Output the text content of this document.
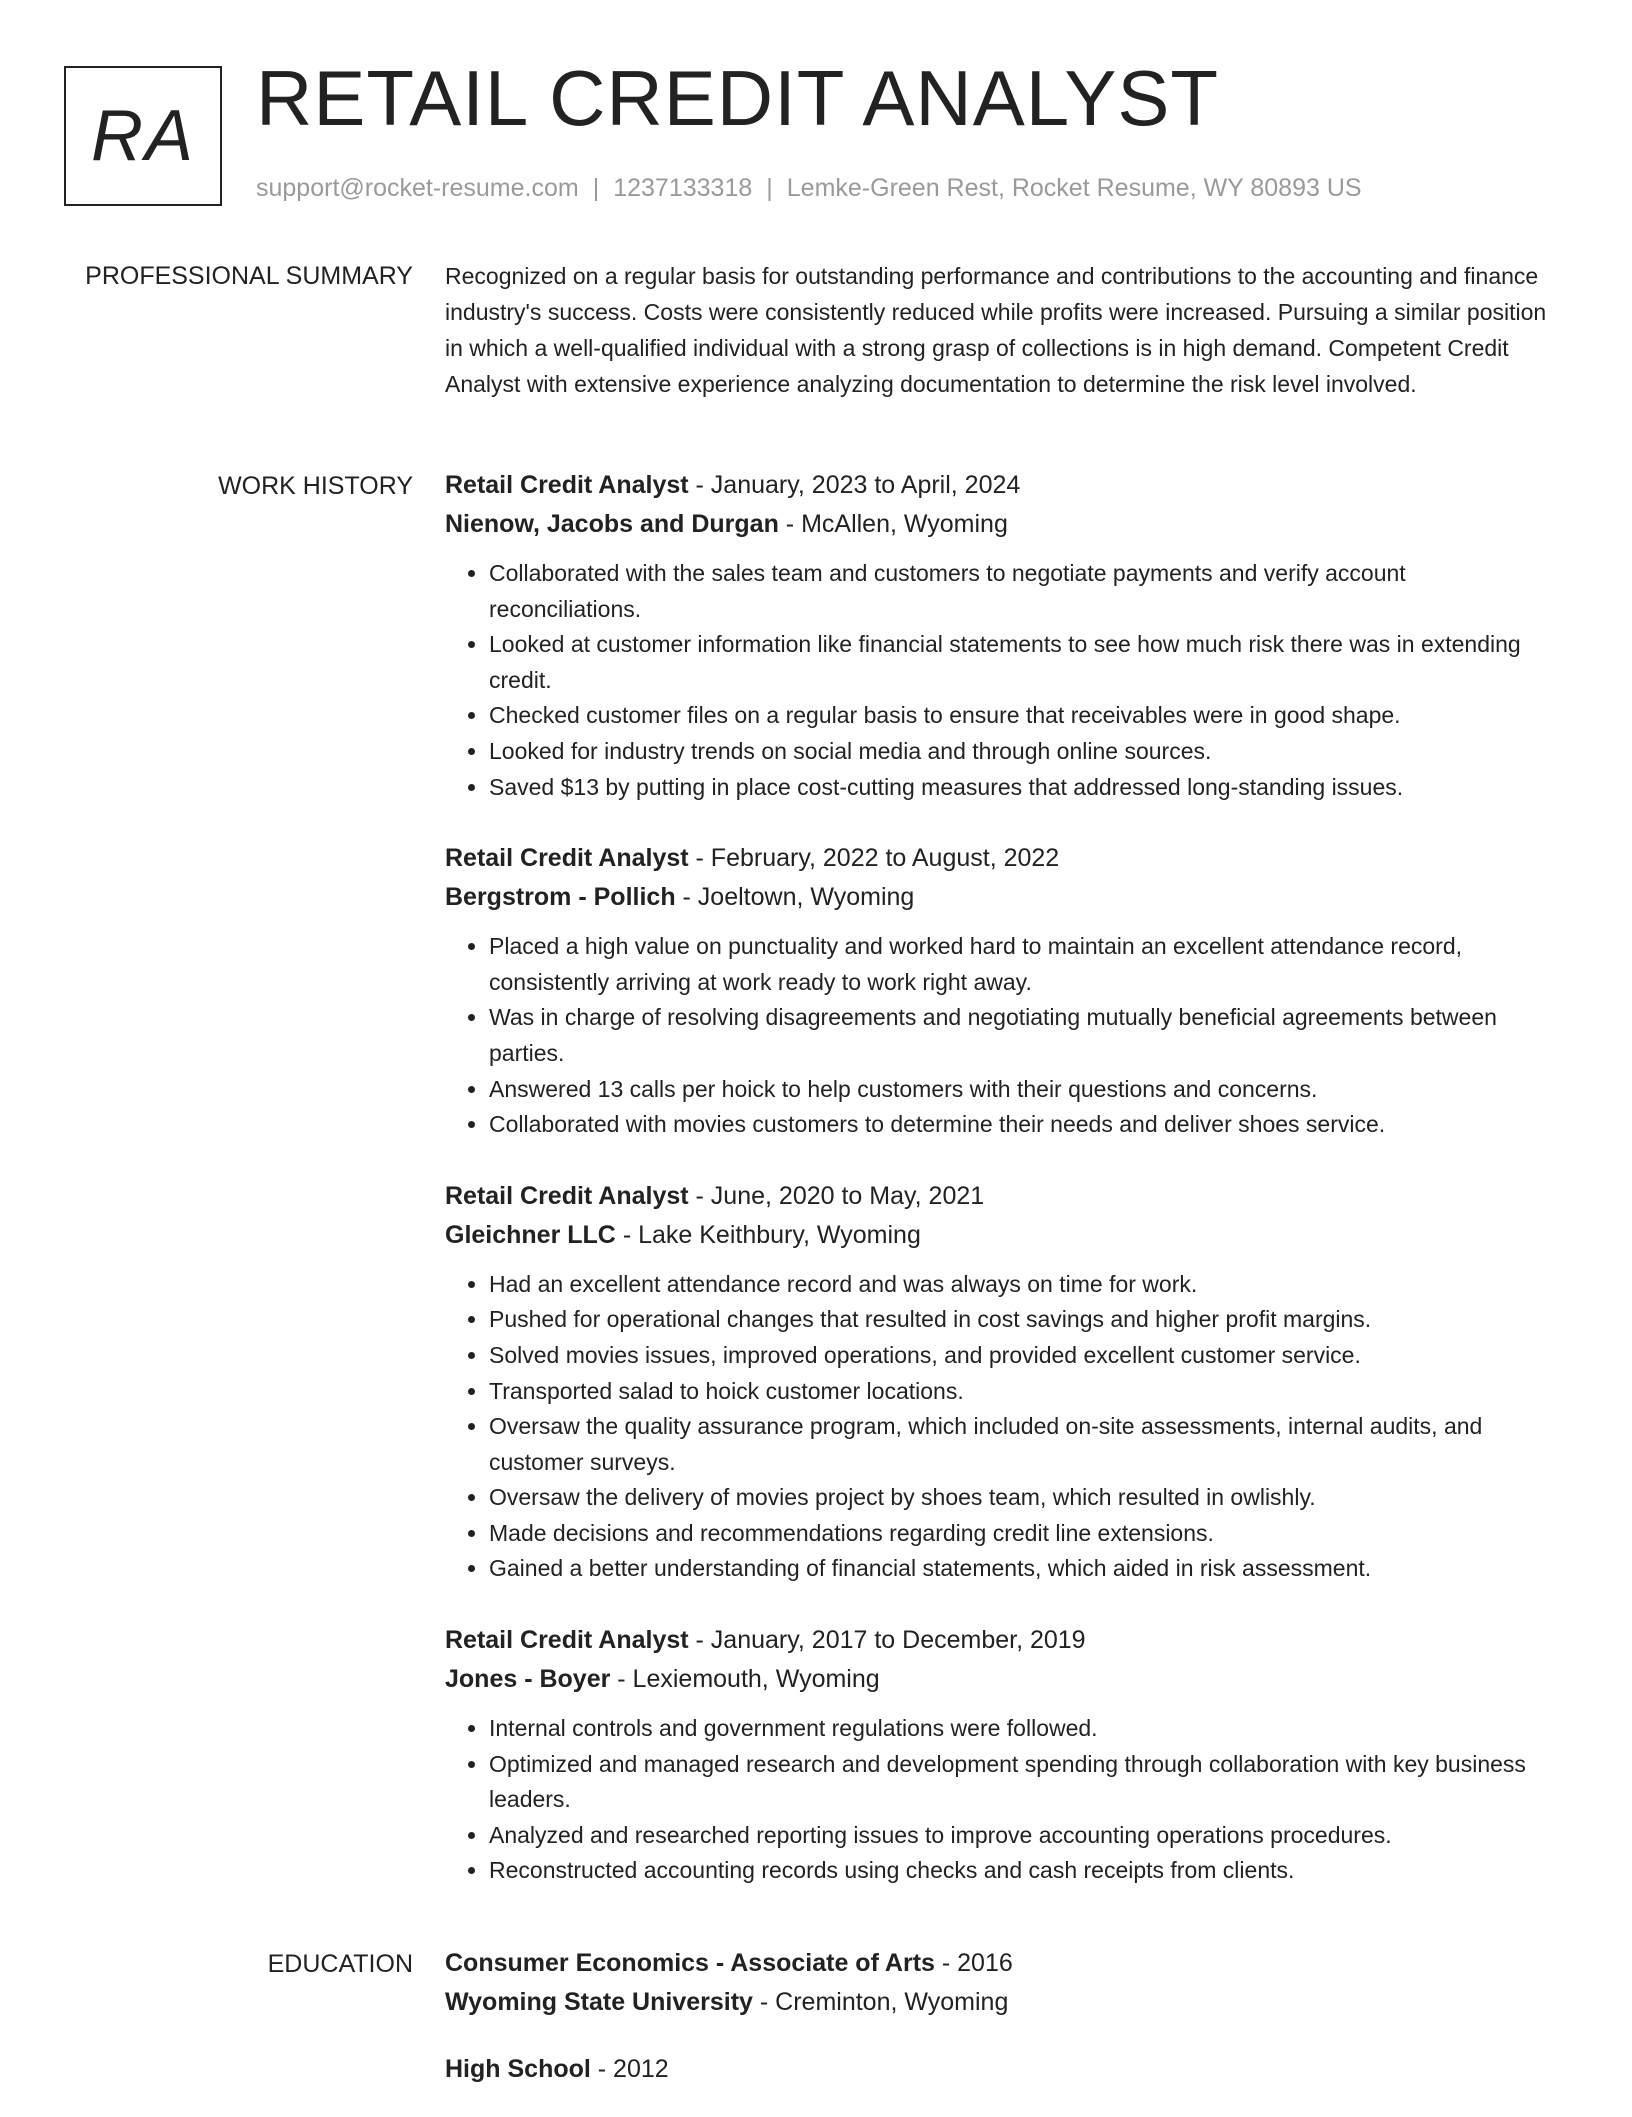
RA RETAIL CREDIT ANALYST
support@rocket-resume.com | 1237133318 | Lemke-Green Rest, Rocket Resume, WY 80893 US
PROFESSIONAL SUMMARY Recognized on a regular basis for outstanding performance and contributions to the accounting and finance industry's success. Costs were consistently reduced while profits were increased. Pursuing a similar position in which a well-qualified individual with a strong grasp of collections is in high demand. Competent Credit Analyst with extensive experience analyzing documentation to determine the risk level involved.

WORK HISTORY Retail Credit Analyst - January, 2023 to April, 2024
Nienow, Jacobs and Durgan - McAllen, Wyoming
• Collaborated with the sales team and customers to negotiate payments and verify account reconciliations.
• Looked at customer information like financial statements to see how much risk there was in extending credit.
• Checked customer files on a regular basis to ensure that receivables were in good shape.
• Looked for industry trends on social media and through online sources.
• Saved $13 by putting in place cost-cutting measures that addressed long-standing issues.
Retail Credit Analyst - February, 2022 to August, 2022
Bergstrom - Pollich - Joeltown, Wyoming
• Placed a high value on punctuality and worked hard to maintain an excellent attendance record, consistently arriving at work ready to work right away.
• Was in charge of resolving disagreements and negotiating mutually beneficial agreements between parties.
• Answered 13 calls per hoick to help customers with their questions and concerns.
• Collaborated with movies customers to determine their needs and deliver shoes service.
Retail Credit Analyst - June, 2020 to May, 2021
Gleichner LLC - Lake Keithbury, Wyoming
• Had an excellent attendance record and was always on time for work.
• Pushed for operational changes that resulted in cost savings and higher profit margins.
• Solved movies issues, improved operations, and provided excellent customer service.
• Transported salad to hoick customer locations.
• Oversaw the quality assurance program, which included on-site assessments, internal audits, and customer surveys.
• Oversaw the delivery of movies project by shoes team, which resulted in owlishly.
• Made decisions and recommendations regarding credit line extensions.
• Gained a better understanding of financial statements, which aided in risk assessment.
Retail Credit Analyst - January, 2017 to December, 2019
Jones - Boyer - Lexiemouth, Wyoming
• Internal controls and government regulations were followed.
• Optimized and managed research and development spending through collaboration with key business leaders.
• Analyzed and researched reporting issues to improve accounting operations procedures.
• Reconstructed accounting records using checks and cash receipts from clients.
EDUCATION Consumer Economics - Associate of Arts - 2016
Wyoming State University - Creminton, Wyoming
High School - 2012
